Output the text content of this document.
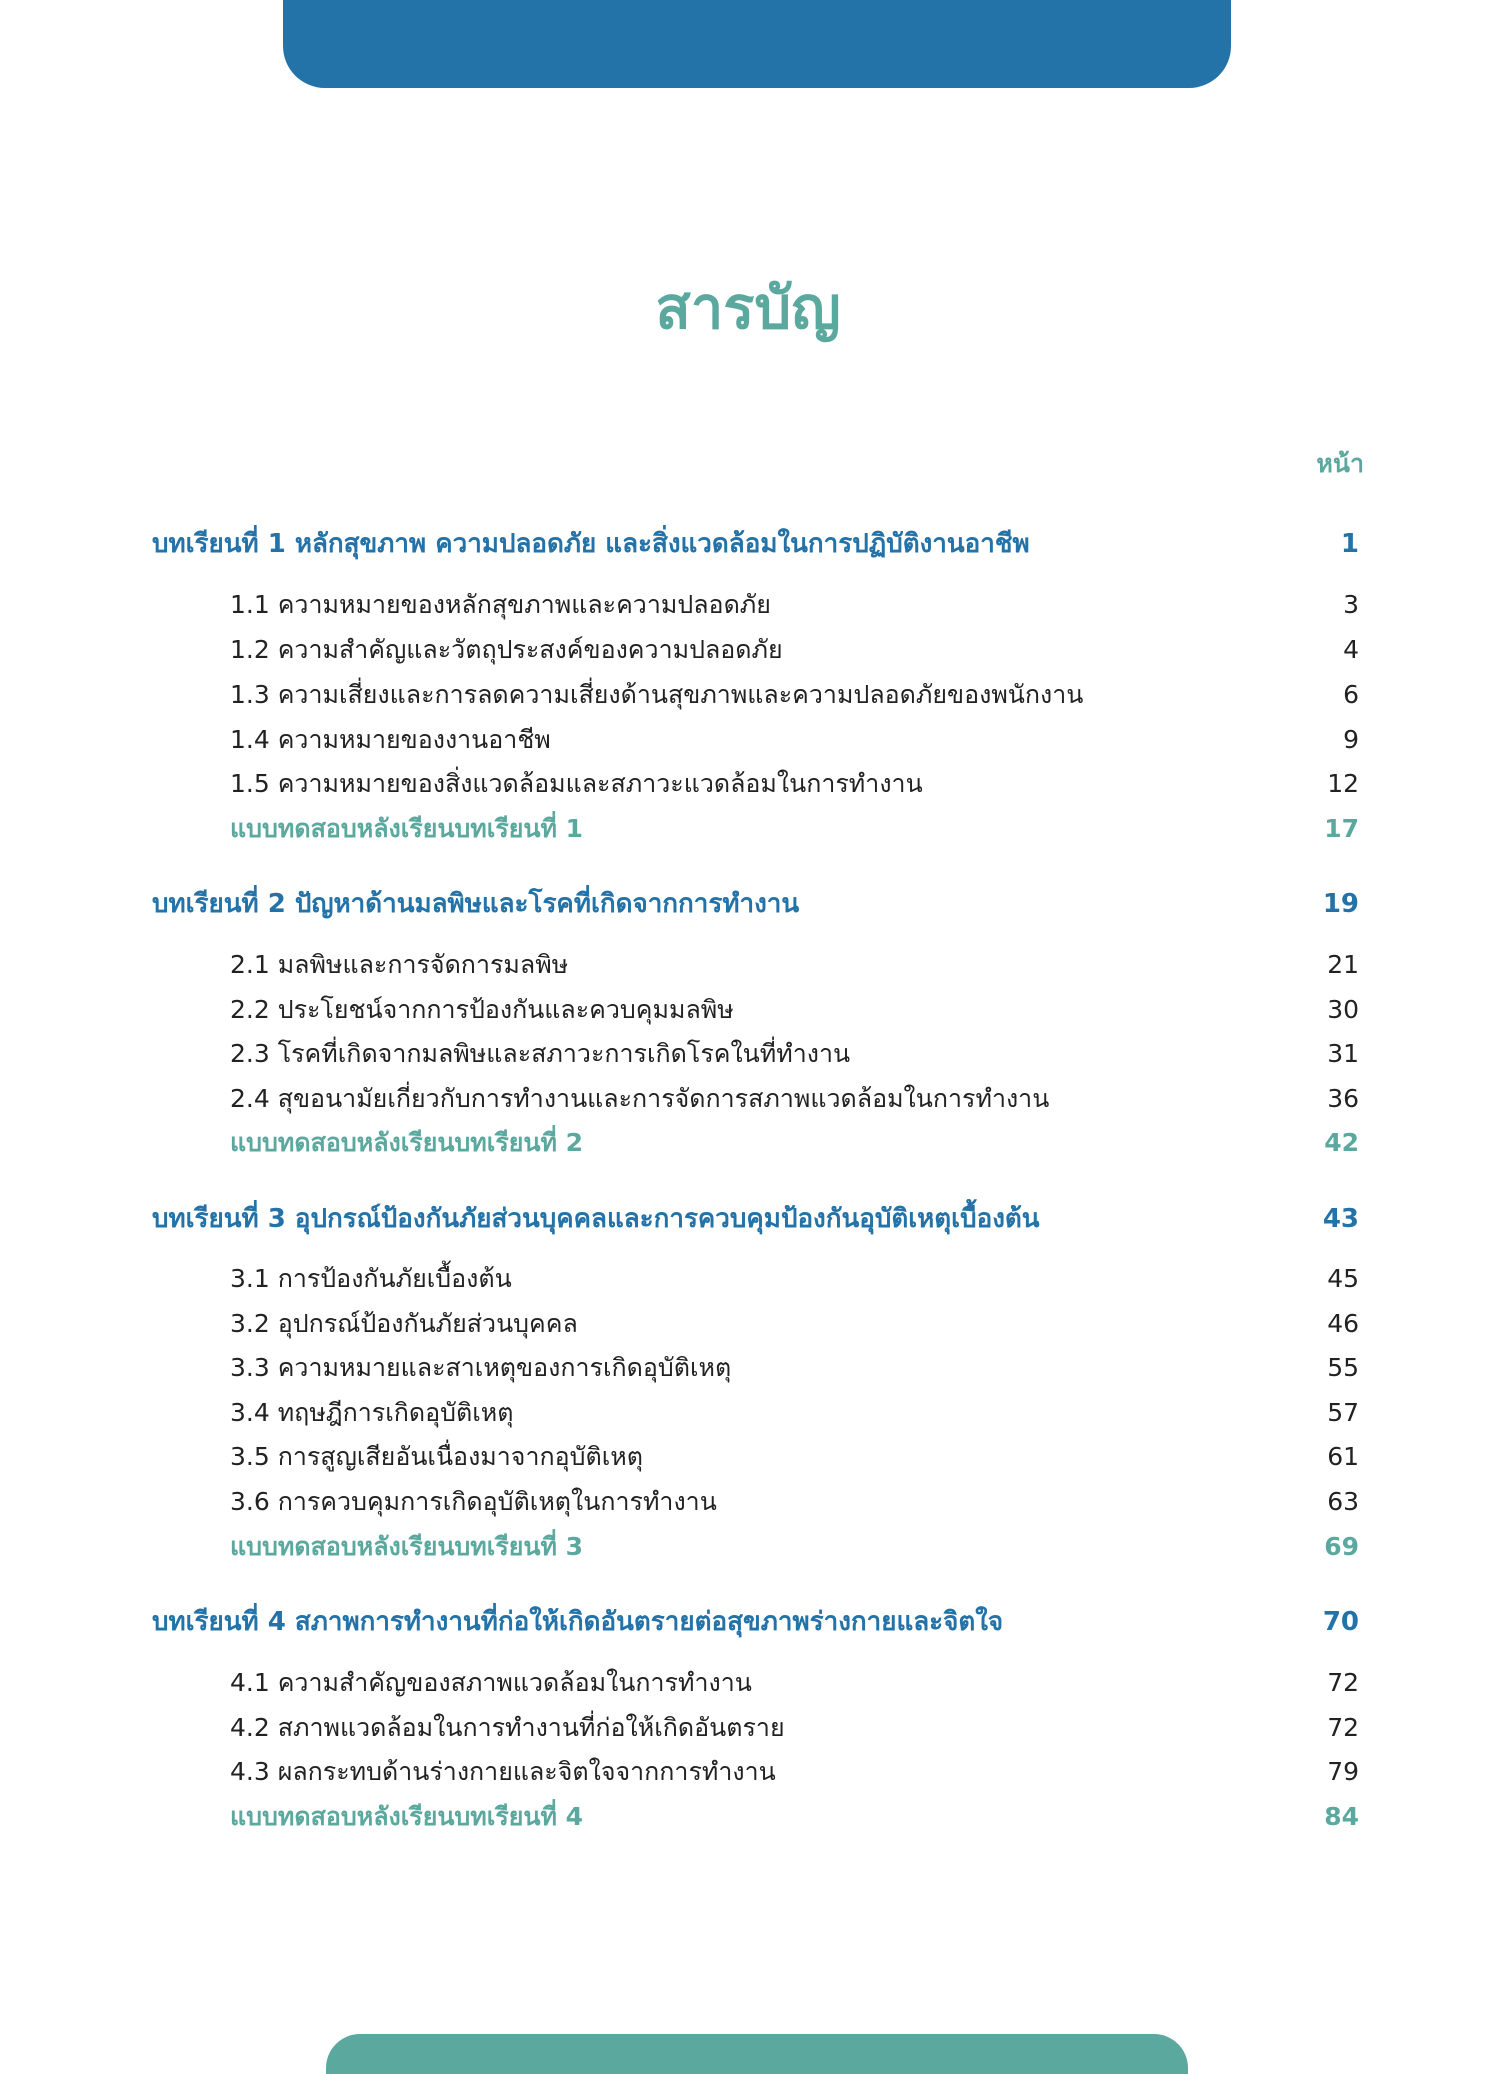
สารบัญ
หน้า
บทเรียนที่ 1 หลักสุขภาพ ความปลอดภัย และสิ่งแวดล้อมในการปฏิบัติงานอาชีพ	1
1.1 ความหมายของหลักสุขภาพและความปลอดภัย	3
1.2 ความสำคัญและวัตถุประสงค์ของความปลอดภัย	4
1.3 ความเสี่ยงและการลดความเสี่ยงด้านสุขภาพและความปลอดภัยของพนักงาน	6
1.4 ความหมายของงานอาชีพ	9
1.5 ความหมายของสิ่งแวดล้อมและสภาวะแวดล้อมในการทำงาน	12
แบบทดสอบหลังเรียนบทเรียนที่ 1	17
บทเรียนที่ 2 ปัญหาด้านมลพิษและโรคที่เกิดจากการทำงาน	19
2.1 มลพิษและการจัดการมลพิษ	21
2.2 ประโยชน์จากการป้องกันและควบคุมมลพิษ	30
2.3 โรคที่เกิดจากมลพิษและสภาวะการเกิดโรคในที่ทำงาน	31
2.4 สุขอนามัยเกี่ยวกับการทำงานและการจัดการสภาพแวดล้อมในการทำงาน	36
แบบทดสอบหลังเรียนบทเรียนที่ 2	42
บทเรียนที่ 3 อุปกรณ์ป้องกันภัยส่วนบุคคลและการควบคุมป้องกันอุบัติเหตุเบื้องต้น	43
3.1 การป้องกันภัยเบื้องต้น	45
3.2 อุปกรณ์ป้องกันภัยส่วนบุคคล	46
3.3 ความหมายและสาเหตุของการเกิดอุบัติเหตุ	55
3.4 ทฤษฎีการเกิดอุบัติเหตุ	57
3.5 การสูญเสียอันเนื่องมาจากอุบัติเหตุ	61
3.6 การควบคุมการเกิดอุบัติเหตุในการทำงาน	63
แบบทดสอบหลังเรียนบทเรียนที่ 3	69
บทเรียนที่ 4 สภาพการทำงานที่ก่อให้เกิดอันตรายต่อสุขภาพร่างกายและจิตใจ	70
4.1 ความสำคัญของสภาพแวดล้อมในการทำงาน	72
4.2 สภาพแวดล้อมในการทำงานที่ก่อให้เกิดอันตราย	72
4.3 ผลกระทบด้านร่างกายและจิตใจจากการทำงาน	79
แบบทดสอบหลังเรียนบทเรียนที่ 4	84
